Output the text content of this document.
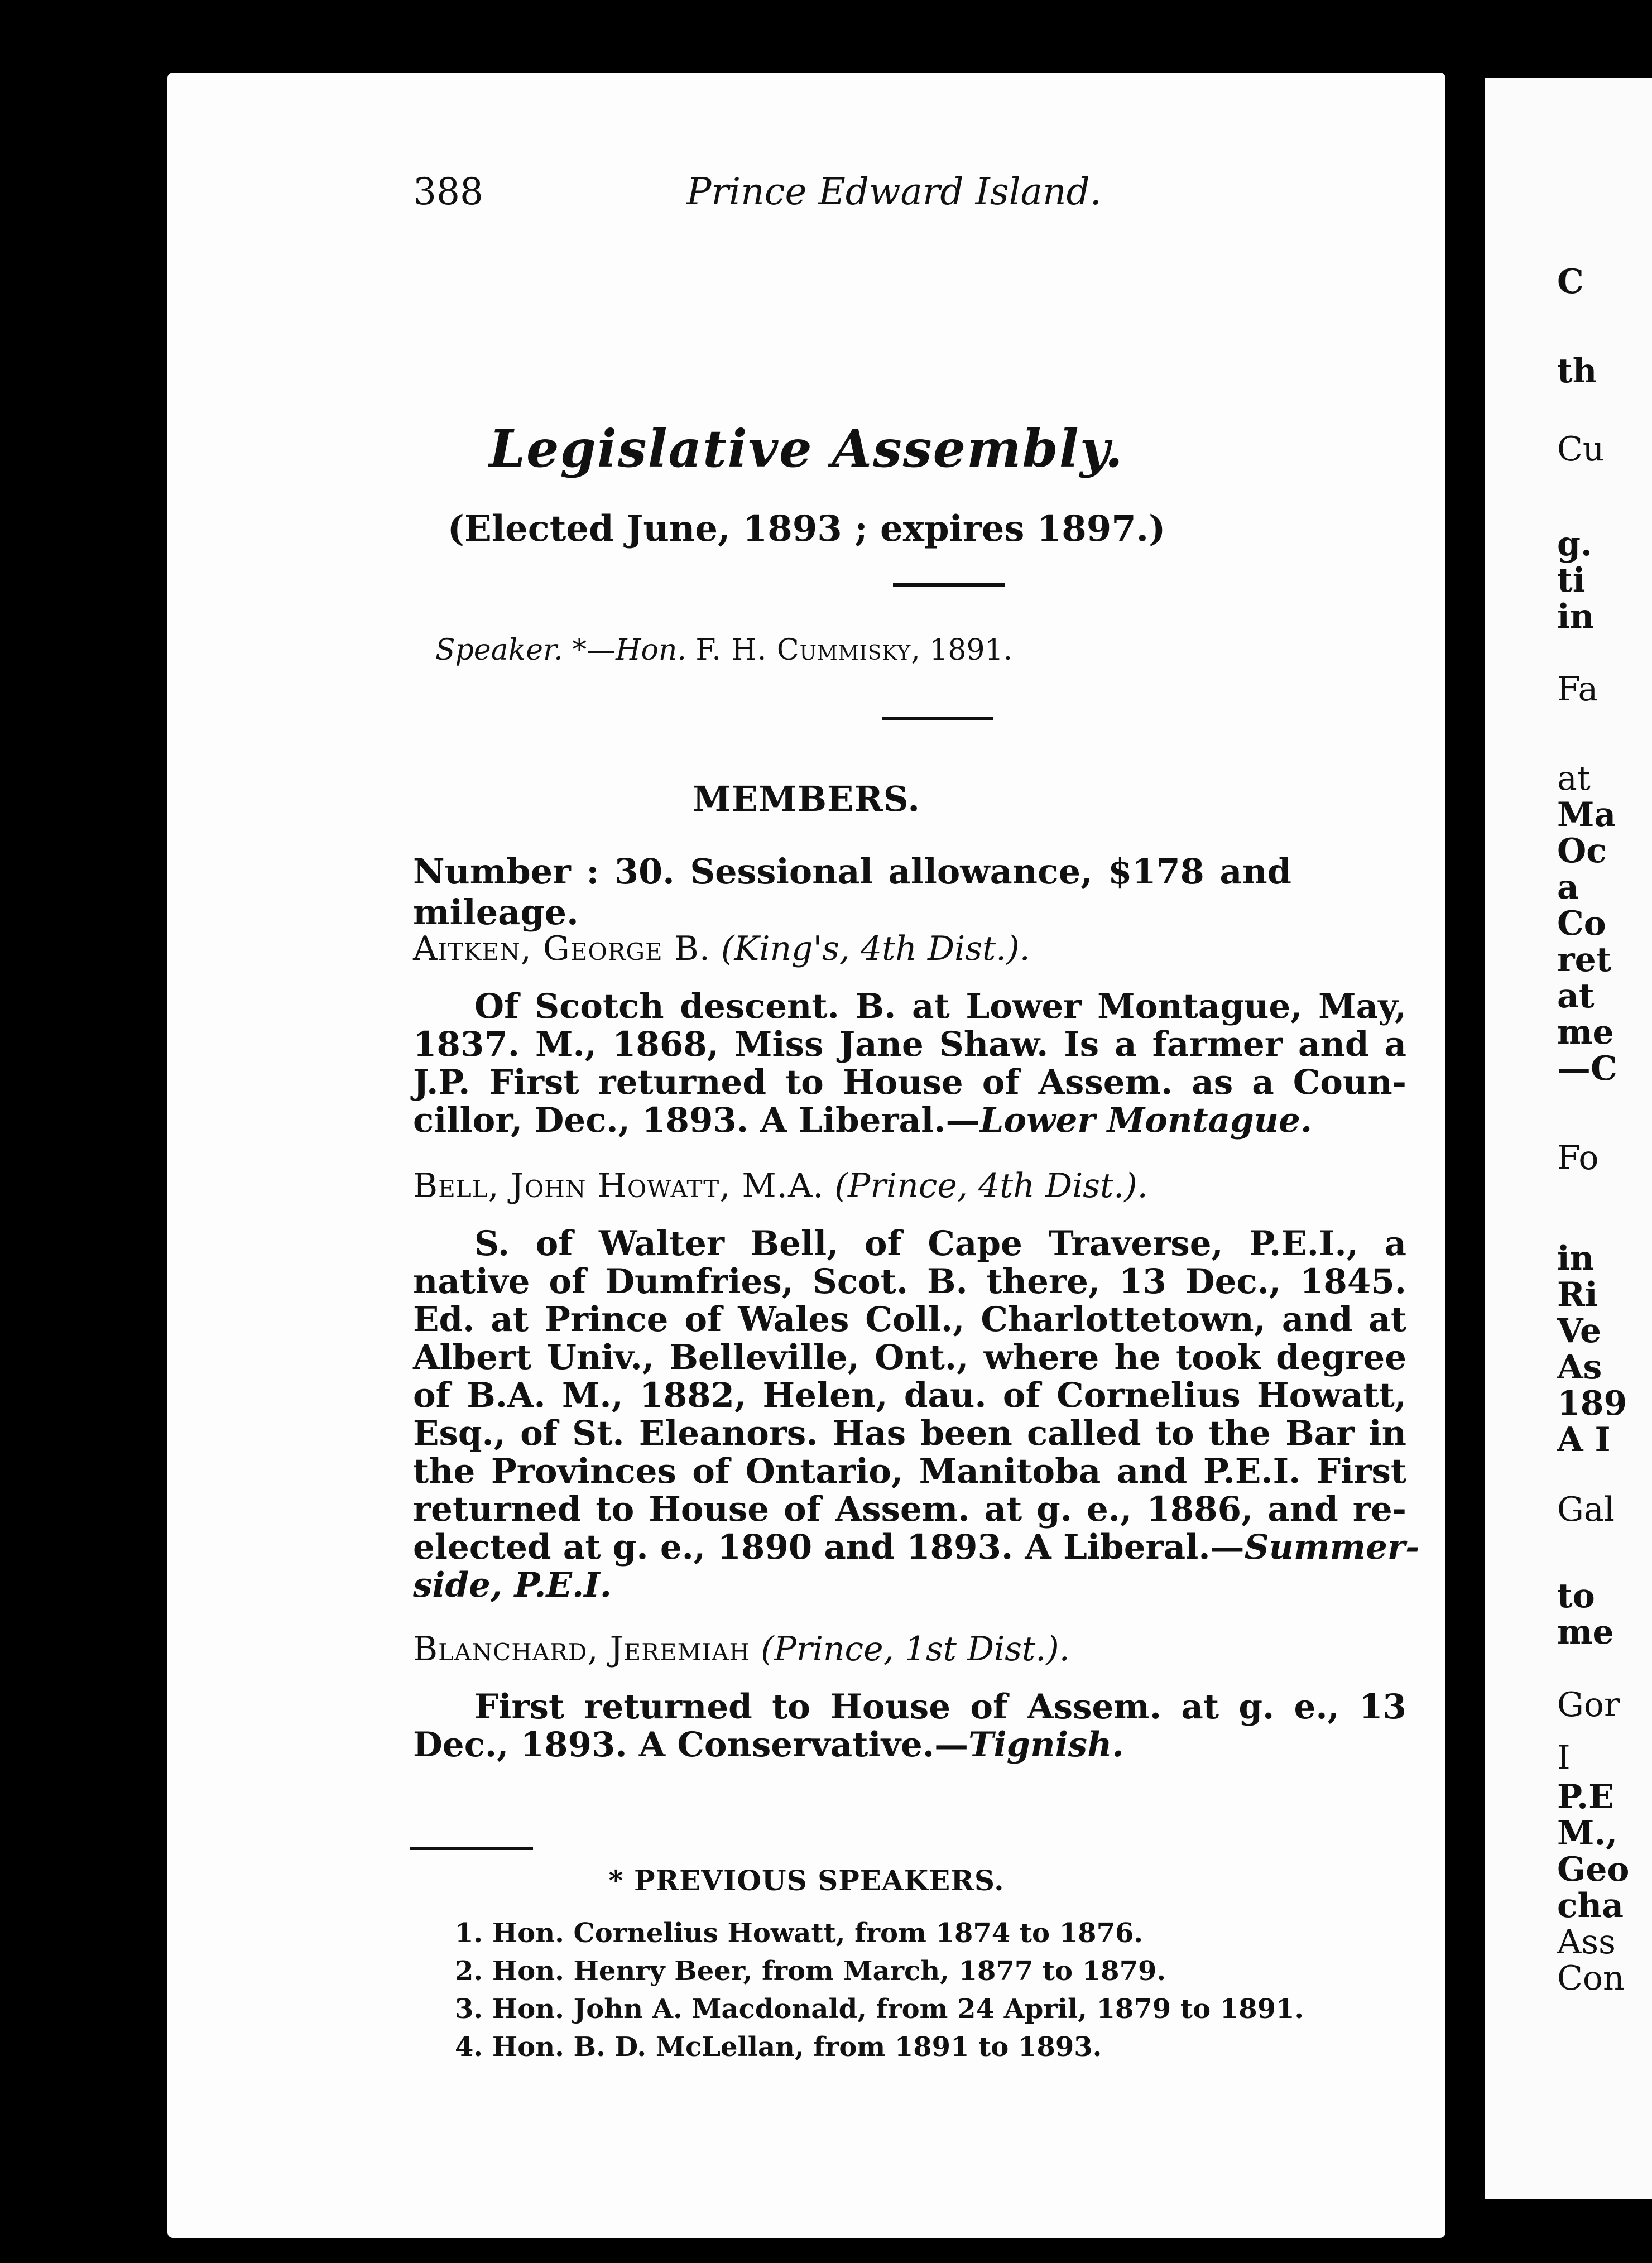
388	Prince Edward Island.
Legislative Assembly.
(Elected June, 1893 ; expires 1897.)
Speaker. *—Hon. F. H. Cummisky, 1891.
MEMBERS.
Number : 30. Sessional allowance, $178 and mileage.
Aitken, George B. (King's, 4th Dist.).
Of Scotch descent. B. at Lower Montague, May,
1837. M., 1868, Miss Jane Shaw. Is a farmer and a
J.P. First returned to House of Assem. as a Coun-
cillor, Dec., 1893. A Liberal.—Lower Montague.
Bell, John Howatt, M.A. (Prince, 4th Dist.).
S. of Walter Bell, of Cape Traverse, P.E.I., a
native of Dumfries, Scot. B. there, 13 Dec., 1845.
Ed. at Prince of Wales Coll., Charlottetown, and at
Albert Univ., Belleville, Ont., where he took degree
of B.A. M., 1882, Helen, dau. of Cornelius Howatt,
Esq., of St. Eleanors. Has been called to the Bar in
the Provinces of Ontario, Manitoba and P.E.I. First
returned to House of Assem. at g. e., 1886, and re-
elected at g. e., 1890 and 1893. A Liberal.—Summer-
side, P.E.I.
Blanchard, Jeremiah (Prince, 1st Dist.).
First returned to House of Assem. at g. e., 13
Dec., 1893. A Conservative.—Tignish.
* PREVIOUS SPEAKERS.
1. Hon. Cornelius Howatt, from 1874 to 1876.
2. Hon. Henry Beer, from March, 1877 to 1879.
3. Hon. John A. Macdonald, from 24 April, 1879 to 1891.
4. Hon. B. D. McLellan, from 1891 to 1893.
C
th
Cu
g.
ti
in
Fa
at
Ma
Oc
a
Co
ret
at
me
—C
Fo
in
Ri
Ve
As
189
A I
Gal
to
me
Gor
I
P.E
M.,
Geo
cha
Ass
Con
